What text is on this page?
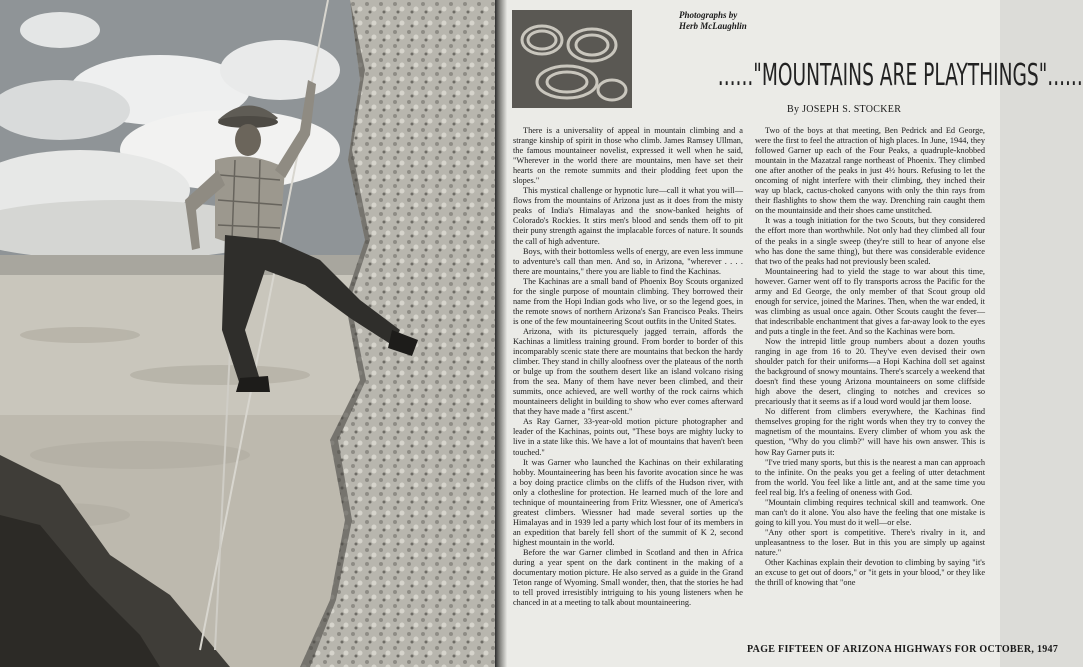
Photographs by
Herb McLaughlin
......"MOUNTAINS ARE PLAYTHINGS"......
By JOSEPH S. STOCKER

There is a universality of appeal in mountain climbing and a strange kinship of spirit in those who climb. James Ramsey Ullman, the famous mountaineer novelist, expressed it well when he said, "Wherever in the world there are mountains, men have set their hearts on the remote summits and their plodding feet upon the slopes."

This mystical challenge or hypnotic lure—call it what you will—flows from the mountains of Arizona just as it does from the misty peaks of India's Himalayas and the snow-banked heights of Colorado's Rockies. It stirs men's blood and sends them off to pit their puny strength against the implacable forces of nature. It sounds the call of high adventure.

Boys, with their bottomless wells of energy, are even less immune to adventure's call than men. And so, in Arizona, "wherever . . . . there are mountains," there you are liable to find the Kachinas.

The Kachinas are a small band of Phoenix Boy Scouts organized for the single purpose of mountain climbing. They borrowed their name from the Hopi Indian gods who live, or so the legend goes, in the remote snows of northern Arizona's San Francisco Peaks. Theirs is one of the few mountaineering Scout outfits in the United States.

Arizona, with its picturesquely jagged terrain, affords the Kachinas a limitless training ground. From border to border of this incomparably scenic state there are mountains that beckon the hardy climber. They stand in chilly aloofness over the plateaus of the north or bulge up from the southern desert like an island volcano rising from the sea. Many of them have never been climbed, and their summits, once achieved, are well worthy of the rock cairns which mountaineers delight in building to show who ever comes afterward that they have made a "first ascent."

As Ray Garner, 33-year-old motion picture photographer and leader of the Kachinas, points out, "These boys are mighty lucky to live in a state like this. We have a lot of mountains that haven't been touched."

It was Garner who launched the Kachinas on their exhilarating hobby. Mountaineering has been his favorite avocation since he was a boy doing practice climbs on the cliffs of the Hudson river, with only a clothesline for protection. He learned much of the lore and technique of mountaineering from Fritz Wiessner, one of America's greatest climbers. Wiessner had made several sorties up the Himalayas and in 1939 led a party which lost four of its members in an expedition that barely fell short of the summit of K 2, second highest mountain in the world.

Before the war Garner climbed in Scotland and then in Africa during a year spent on the dark continent in the making of a documentary motion picture. He also served as a guide in the Grand Teton range of Wyoming. Small wonder, then, that the stories he had to tell proved irresistibly intriguing to his young listeners when he chanced in at a meeting to talk about mountaineering.

Two of the boys at that meeting, Ben Pedrick and Ed George, were the first to feel the attraction of high places. In June, 1944, they followed Garner up each of the Four Peaks, a quadruple-knobbed mountain in the Mazatzal range northeast of Phoenix. They climbed one after another of the peaks in just 4½ hours. Refusing to let the oncoming of night interfere with their climbing, they inched their way up black, cactus-choked canyons with only the thin rays from their flashlights to show them the way. Drenching rain caught them on the mountainside and their shoes came unstitched.

It was a tough initiation for the two Scouts, but they considered the effort more than worthwhile. Not only had they climbed all four of the peaks in a single sweep (they're still to hear of anyone else who has done the same thing), but there was considerable evidence that two of the peaks had not previously been scaled.

Mountaineering had to yield the stage to war about this time, however. Garner went off to fly transports across the Pacific for the army and Ed George, the only member of that Scout group old enough for service, joined the Marines. Then, when the war ended, it was climbing as usual once again. Other Scouts caught the fever—that indescribable enchantment that gives a far-away look to the eyes and puts a tingle in the feet. And so the Kachinas were born.

Now the intrepid little group numbers about a dozen youths ranging in age from 16 to 20. They've even devised their own shoulder patch for their uniforms—a Hopi Kachina doll set against the background of snowy mountains. There's scarcely a weekend that doesn't find these young Arizona mountaineers on some cliffside high above the desert, clinging to notches and crevices so precariously that it seems as if a loud word would jar them loose.

No different from climbers everywhere, the Kachinas find themselves groping for the right words when they try to convey the magnetism of the mountains. Every climber of whom you ask the question, "Why do you climb?" will have his own answer. This is how Ray Garner puts it:

"I've tried many sports, but this is the nearest a man can approach to the infinite. On the peaks you get a feeling of utter detachment from the world. You feel like a little ant, and at the same time you feel real big. It's a feeling of oneness with God.

"Mountain climbing requires technical skill and teamwork. One man can't do it alone. You also have the feeling that one mistake is going to kill you. You must do it well—or else.

"Any other sport is competitive. There's rivalry in it, and unpleasantness to the loser. But in this you are simply up against nature."

Other Kachinas explain their devotion to climbing by saying "it's an excuse to get out of doors," or "it gets in your blood," or they like the thrill of knowing that "one

PAGE FIFTEEN OF ARIZONA HIGHWAYS FOR OCTOBER, 1947
